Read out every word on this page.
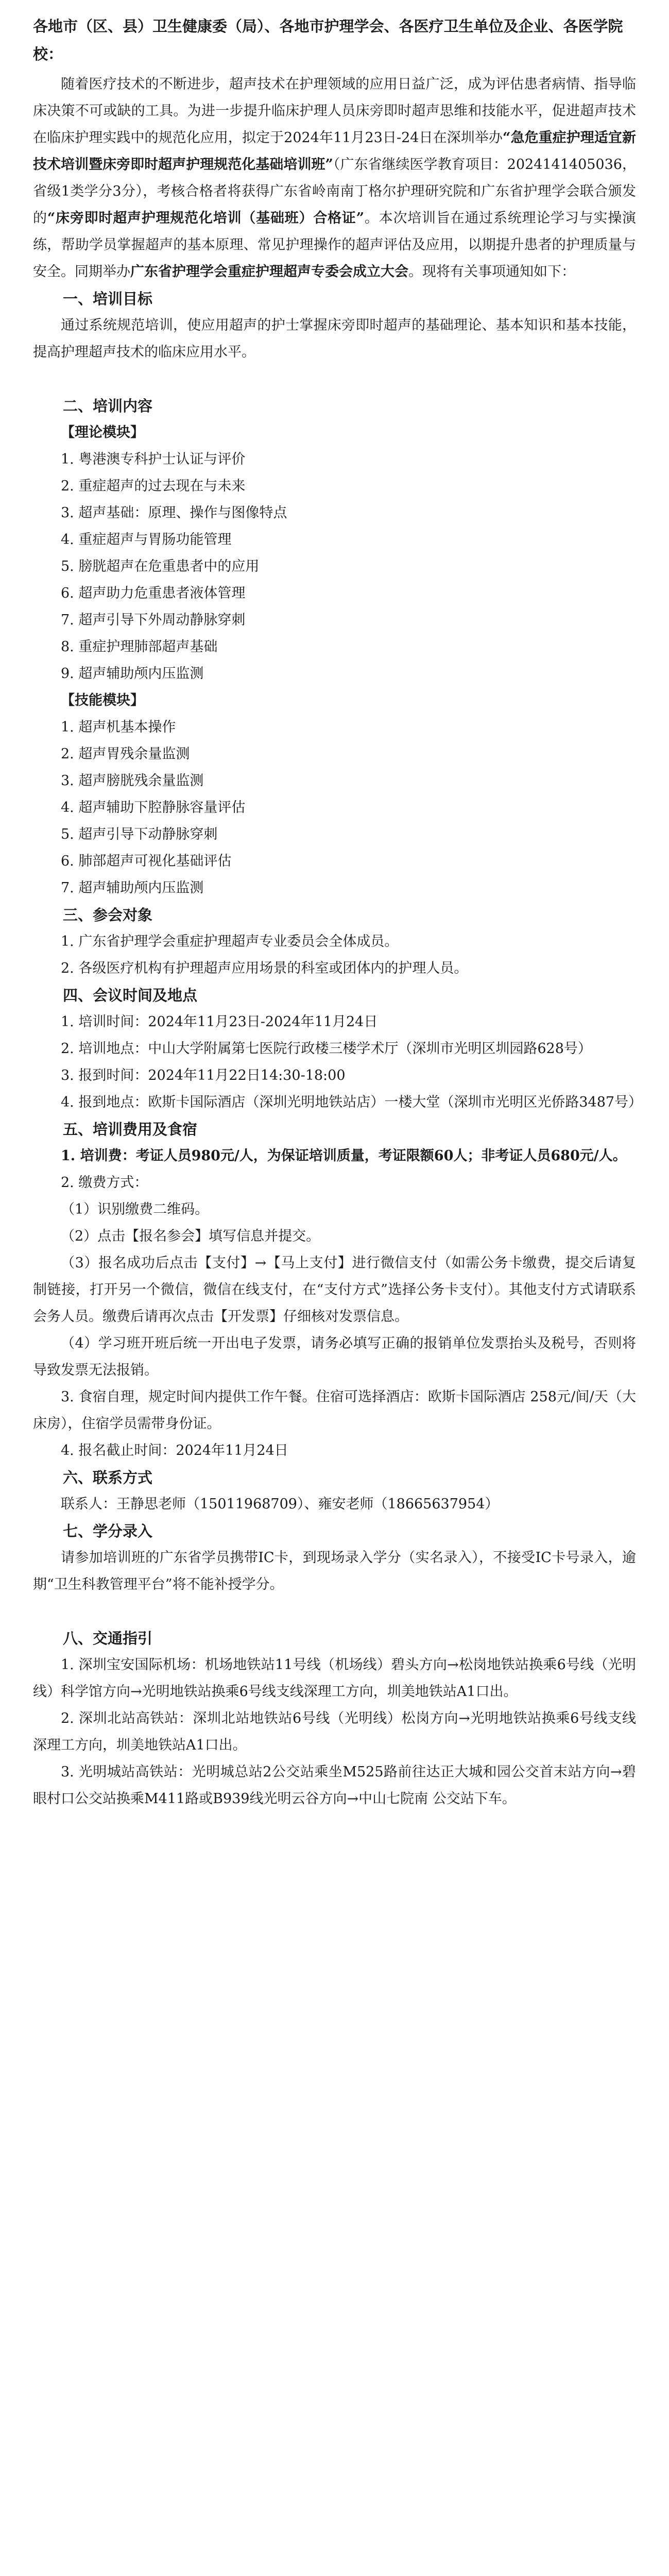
各地市（区、县）卫生健康委（局）、各地市护理学会、各医疗卫生单位及企业、各医学院校：

随着医疗技术的不断进步，超声技术在护理领域的应用日益广泛，成为评估患者病情、指导临床决策不可或缺的工具。为进一步提升临床护理人员床旁即时超声思维和技能水平，促进超声技术在临床护理实践中的规范化应用，拟定于2024年11月23日-24日在深圳举办“急危重症护理适宜新技术培训暨床旁即时超声护理规范化基础培训班”（广东省继续医学教育项目：2024141405036，省级1类学分3分），考核合格者将获得广东省岭南南丁格尔护理研究院和广东省护理学会联合颁发的“床旁即时超声护理规范化培训（基础班）合格证”。本次培训旨在通过系统理论学习与实操演练，帮助学员掌握超声的基本原理、常见护理操作的超声评估及应用，以期提升患者的护理质量与安全。同期举办广东省护理学会重症护理超声专委会成立大会。现将有关事项通知如下：

一、培训目标

通过系统规范培训，使应用超声的护士掌握床旁即时超声的基础理论、基本知识和基本技能，提高护理超声技术的临床应用水平。

二、培训内容

【理论模块】

1. 粤港澳专科护士认证与评价

2. 重症超声的过去现在与未来

3. 超声基础：原理、操作与图像特点

4. 重症超声与胃肠功能管理

5. 膀胱超声在危重患者中的应用

6. 超声助力危重患者液体管理

7. 超声引导下外周动静脉穿刺

8. 重症护理肺部超声基础

9. 超声辅助颅内压监测

【技能模块】

1. 超声机基本操作

2. 超声胃残余量监测

3. 超声膀胱残余量监测

4. 超声辅助下腔静脉容量评估

5. 超声引导下动静脉穿刺

6. 肺部超声可视化基础评估

7. 超声辅助颅内压监测

三、参会对象

1. 广东省护理学会重症护理超声专业委员会全体成员。

2. 各级医疗机构有护理超声应用场景的科室或团体内的护理人员。

四、会议时间及地点

1. 培训时间：2024年11月23日-2024年11月24日

2. 培训地点：中山大学附属第七医院行政楼三楼学术厅（深圳市光明区圳园路628号）

3. 报到时间：2024年11月22日14:30-18:00

4. 报到地点：欧斯卡国际酒店（深圳光明地铁站店）一楼大堂（深圳市光明区光侨路3487号）

五、培训费用及食宿

1. 培训费：考证人员980元/人，为保证培训质量，考证限额60人；非考证人员680元/人。

2. 缴费方式：

（1）识别缴费二维码。

（2）点击【报名参会】填写信息并提交。

（3）报名成功后点击【支付】→【马上支付】进行微信支付（如需公务卡缴费，提交后请复制链接，打开另一个微信，微信在线支付，在“支付方式”选择公务卡支付）。其他支付方式请联系会务人员。缴费后请再次点击【开发票】仔细核对发票信息。

（4）学习班开班后统一开出电子发票，请务必填写正确的报销单位发票抬头及税号，否则将导致发票无法报销。

3. 食宿自理，规定时间内提供工作午餐。住宿可选择酒店：欧斯卡国际酒店 258元/间/天（大床房），住宿学员需带身份证。

4. 报名截止时间：2024年11月24日

六、联系方式

联系人：王静思老师（15011968709）、雍安老师（18665637954）

七、学分录入

请参加培训班的广东省学员携带IC卡，到现场录入学分（实名录入），不接受IC卡号录入，逾期“卫生科教管理平台”将不能补授学分。

八、交通指引

1. 深圳宝安国际机场：机场地铁站11号线（机场线）碧头方向→松岗地铁站换乘6号线（光明线）科学馆方向→光明地铁站换乘6号线支线深理工方向，圳美地铁站A1口出。

2. 深圳北站高铁站：深圳北站地铁站6号线（光明线）松岗方向→光明地铁站换乘6号线支线深理工方向，圳美地铁站A1口出。

3. 光明城站高铁站：光明城总站2公交站乘坐M525路前往达正大城和园公交首末站方向→碧眼村口公交站换乘M411路或B939线光明云谷方向→中山七院南 公交站下车。
